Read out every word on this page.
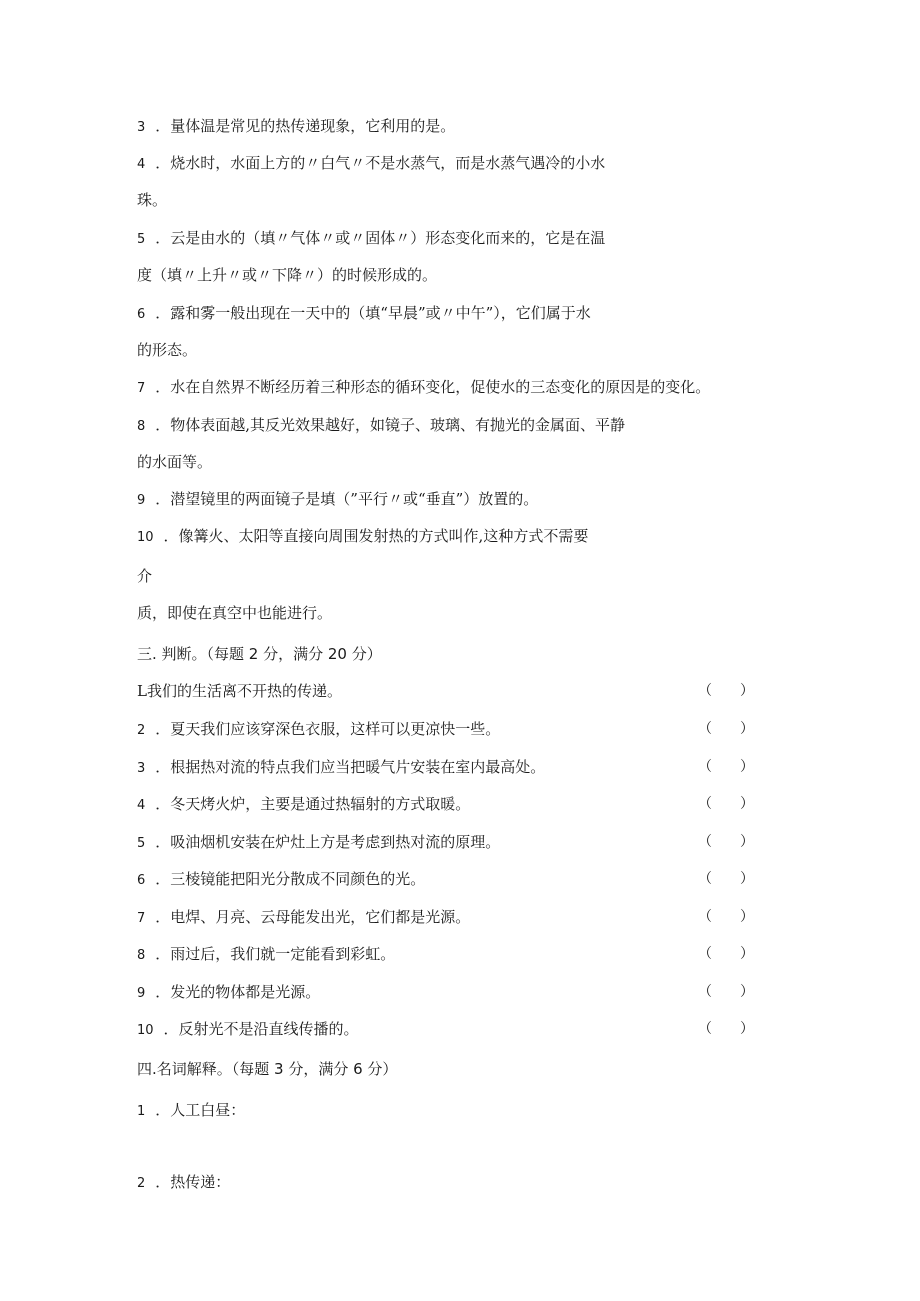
3 ．量体温是常见的热传递现象，它利用的是。
4 ．烧水时，水面上方的〃白气〃不是水蒸气，而是水蒸气遇冷的小水
珠。
5 ．云是由水的（填〃气体〃或〃固体〃）形态变化而来的，它是在温
度（填〃上升〃或〃下降〃）的时候形成的。
6 ．露和雾一般出现在一天中的（填“早晨”或〃中午”），它们属于水
的形态。
7 ．水在自然界不断经历着三种形态的循环变化，促使水的三态变化的原因是的变化。
8 ．物体表面越,其反光效果越好，如镜子、玻璃、有抛光的金属面、平静
的水面等。
9 ．潜望镜里的两面镜子是填（”平行〃或“垂直”）放置的。
10 ．像篝火、太阳等直接向周围发射热的方式叫作,这种方式不需要
介
质，即使在真空中也能进行。
三. 判断。（每题 2 分，满分 20 分）
L我们的生活离不开热的传递。	（　　）
2 ．夏天我们应该穿深色衣服，这样可以更凉快一些。	（　　）
3 ．根据热对流的特点我们应当把暖气片安装在室内最高处。	（　　）
4 ．冬天烤火炉，主要是通过热辐射的方式取暖。	（　　）
5 ．吸油烟机安装在炉灶上方是考虑到热对流的原理。	（　　）
6 ．三棱镜能把阳光分散成不同颜色的光。	（　　）
7 ．电焊、月亮、云母能发出光，它们都是光源。	（　　）
8 ．雨过后，我们就一定能看到彩虹。	（　　）
9 ．发光的物体都是光源。	（　　）
10 ．反射光不是沿直线传播的。	（　　）
四.名词解释。（每题 3 分，满分 6 分）
1 ．人工白昼：
2 ．热传递：
